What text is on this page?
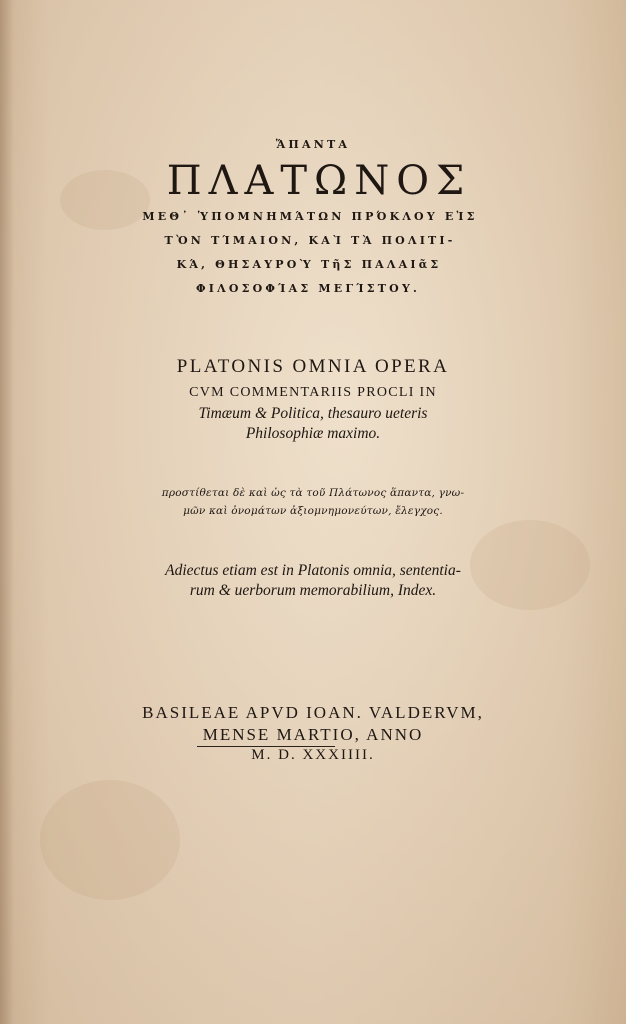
ἍΠΑΝΤΑ
ΠΛΑΤΩΝΟΣ
ΜΕΘ᾽ ὙΠΟΜΝΗΜΆΤΩΝ ΠΡΌΚΛΟΥ ΕἸΣ
ΤῸΝ ΤΊΜΑΙΟΝ, ΚΑῚ ΤᾺ ΠΟΛΙΤΙ-
ΚΆ, ΘΗΣΑΥΡΟῪ ΤῆΣ ΠΑΛΑΙᾶΣ
ΦΙΛΟΣΟΦΊΑΣ ΜΕΓΊΣΤΟΥ.
PLATONIS OMNIA OPERA
CVM COMMENTARIIS PROCLI IN
Timæum & Politica, thesauro ueteris
Philosophiæ maximo.
προστίθεται δὲ καὶ ὡς τὰ τοῦ Πλάτωνος ἅπαντα, γνω-
μῶν καὶ ὀνομάτων ἀξιομνημονεύτων, ἔλεγχος.
Adiectus etiam est in Platonis omnia, sententia-
rum & uerborum memorabilium, Index.
BASILEAE APVD IOAN. VALDERVM,
MENSE MARTIO, ANNO
M. D. XXXIIII.
